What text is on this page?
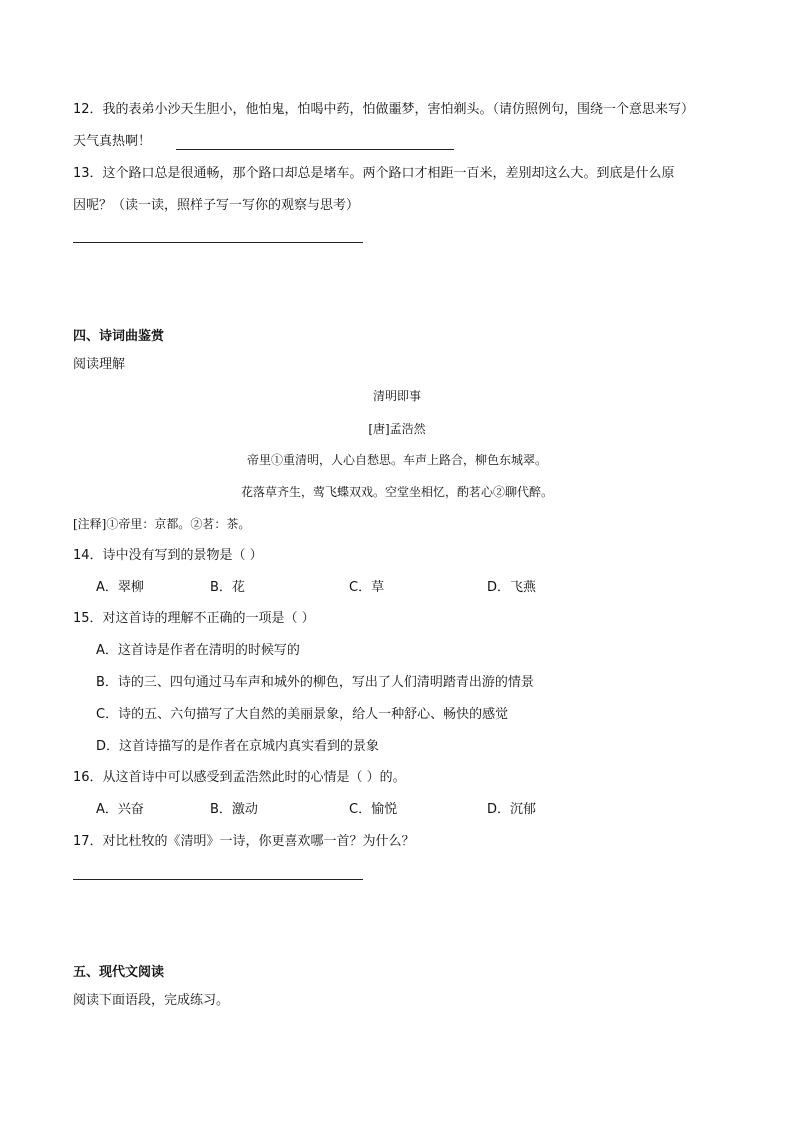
12．我的表弟小沙天生胆小，他怕鬼，怕喝中药，怕做噩梦，害怕剃头。（请仿照例句，围绕一个意思来写）
天气真热啊！
13．这个路口总是很通畅，那个路口却总是堵车。两个路口才相距一百米，差别却这么大。到底是什么原
因呢？（读一读，照样子写一写你的观察与思考）
四、诗词曲鉴赏
阅读理解
清明即事
[唐]孟浩然
帝里①重清明，人心自愁思。车声上路合，柳色东城翠。
花落草齐生，莺飞蝶双戏。空堂坐相忆，酌茗心②聊代醉。
[注释]①帝里：京都。②茗：茶。
14．诗中没有写到的景物是（ ）
A．翠柳	B．花	C．草	D．飞燕
15．对这首诗的理解不正确的一项是（ ）
A．这首诗是作者在清明的时候写的
B．诗的三、四句通过马车声和城外的柳色，写出了人们清明踏青出游的情景
C．诗的五、六句描写了大自然的美丽景象，给人一种舒心、畅快的感觉
D．这首诗描写的是作者在京城内真实看到的景象
16．从这首诗中可以感受到孟浩然此时的心情是（ ）的。
A．兴奋	B．激动	C．愉悦	D．沉郁
17．对比杜牧的《清明》一诗，你更喜欢哪一首？为什么？
五、现代文阅读
阅读下面语段，完成练习。
